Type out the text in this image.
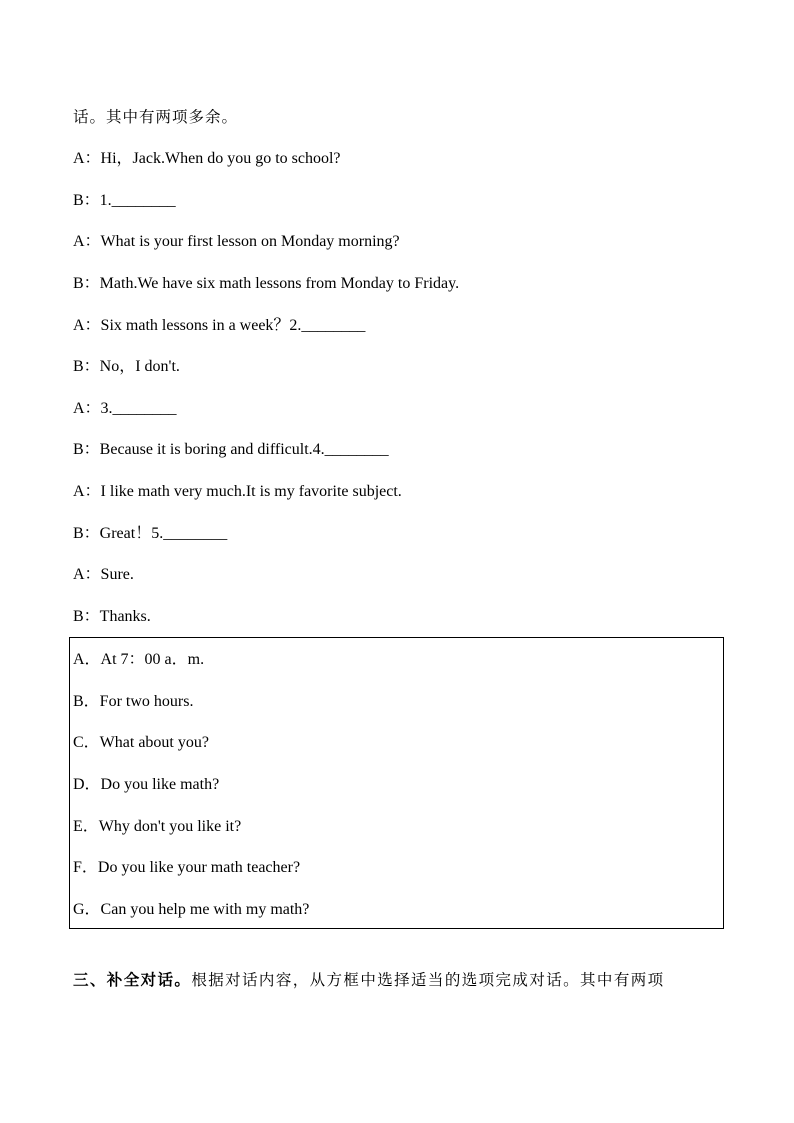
话。其中有两项多余。
A：Hi，Jack.When do you go to school?
B：1.________
A：What is your first lesson on Monday morning?
B：Math.We have six math lessons from Monday to Friday.
A：Six math lessons in a week？2.________
B：No，I don't.
A：3.________
B：Because it is boring and difficult.4.________
A：I like math very much.It is my favorite subject.
B：Great！5.________
A：Sure.
B：Thanks.
A．At 7：00 a．m.
B．For two hours.
C．What about you?
D．Do you like math?
E．Why don't you like it?
F．Do you like your math teacher?
G．Can you help me with my math?
三、补全对话。根据对话内容，从方框中选择适当的选项完成对话。其中有两项
